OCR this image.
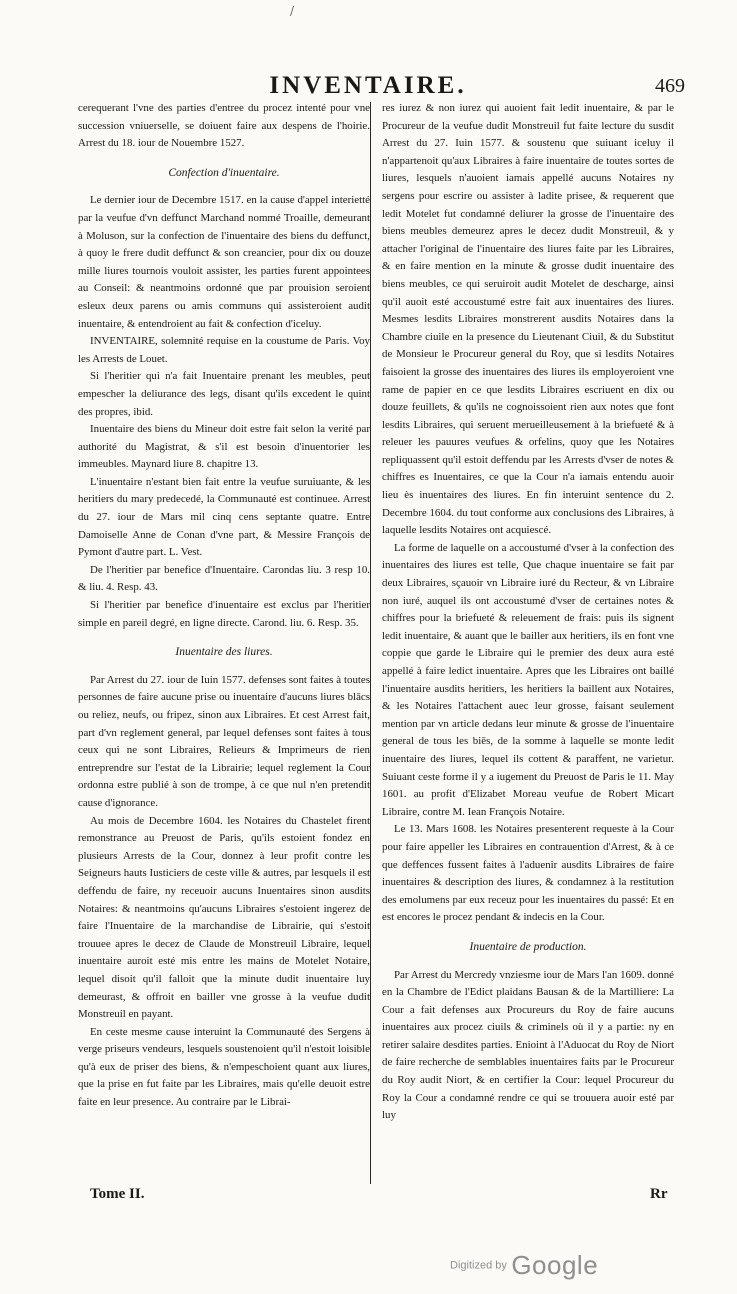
/
INVENTAIRE.	469

cerequerant l'vne des parties d'entree du procez intenté pour vne succession vniuerselle, se doiuent faire aux despens de l'hoirie. Arrest du 18. iour de Nouembre 1527.

Confection d'inuentaire.

Le dernier iour de Decembre 1517. en la cause d'appel interietté par la veufue d'vn deffunct Marchand nommé Troaille, demeurant à Moluson, sur la confection de l'inuentaire des biens du deffunct, à quoy le frere dudit deffunct & son creancier, pour dix ou douze mille liures tournois vouloit assister, les parties furent appointees au Conseil: & neantmoins ordonné que par prouision seroient esleux deux parens ou amis communs qui assisteroient audit inuentaire, & entendroient au fait & confection d'iceluy.

INVENTAIRE, solemnité requise en la coustume de Paris. Voy les Arrests de Louet.

Si l'heritier qui n'a fait Inuentaire prenant les meubles, peut empescher la deliurance des legs, disant qu'ils excedent le quint des propres, ibid.

Inuentaire des biens du Mineur doit estre fait selon la verité par authorité du Magistrat, & s'il est besoin d'inuentorier les immeubles. Maynard liure 8. chapitre 13.

L'inuentaire n'estant bien fait entre la veufue suruiuante, & les heritiers du mary predecedé, la Communauté est continuee. Arrest du 27. iour de Mars mil cinq cens septante quatre. Entre Damoiselle Anne de Conan d'vne part, & Messire François de Pymont d'autre part. L. Vest.

De l'heritier par benefice d'Inuentaire. Carondas liu. 3 resp 10. & liu. 4. Resp. 43.

Si l'heritier par benefice d'inuentaire est exclus par l'heritier simple en pareil degré, en ligne directe. Carond. liu. 6. Resp. 35.

Inuentaire des liures.

Par Arrest du 27. iour de Iuin 1577. defenses sont faites à toutes personnes de faire aucune prise ou inuentaire d'aucuns liures blācs ou reliez, neufs, ou fripez, sinon aux Libraires. Et cest Arrest fait, part d'vn reglement general, par lequel defenses sont faites à tous ceux qui ne sont Libraires, Relieurs & Imprimeurs de rien entreprendre sur l'estat de la Librairie; lequel reglement la Cour ordonna estre publié à son de trompe, à ce que nul n'en pretendit cause d'ignorance.

Au mois de Decembre 1604. les Notaires du Chastelet firent remonstrance au Preuost de Paris, qu'ils estoient fondez en plusieurs Arrests de la Cour, donnez à leur profit contre les Seigneurs hauts Iusticiers de ceste ville & autres, par lesquels il est deffendu de faire, ny receuoir aucuns Inuentaires sinon ausdits Notaires: & neantmoins qu'aucuns Libraires s'estoient ingerez de faire l'Inuentaire de la marchandise de Librairie, qui s'estoit trouuee apres le decez de Claude de Monstreuil Libraire, lequel inuentaire auroit esté mis entre les mains de Motelet Notaire, lequel disoit qu'il falloit que la minute dudit inuentaire luy demeurast, & offroit en bailler vne grosse à la veufue dudit Monstreuil en payant.

En ceste mesme cause interuint la Communauté des Sergens à verge priseurs vendeurs, lesquels soustenoient qu'il n'estoit loisible qu'à eux de priser des biens, & n'empeschoient quant aux liures, que la prise en fut faite par les Libraires, mais qu'elle deuoit estre faite en leur presence. Au contraire par le Librai-

res iurez & non iurez qui auoient fait ledit inuentaire, & par le Procureur de la veufue dudit Monstreuil fut faite lecture du susdit Arrest du 27. Iuin 1577. & soustenu que suiuant iceluy il n'appartenoit qu'aux Libraires à faire inuentaire de toutes sortes de liures, lesquels n'auoient iamais appellé aucuns Notaires ny sergens pour escrire ou assister à ladite prisee, & requerent que ledit Motelet fut condamné deliurer la grosse de l'inuentaire des biens meubles demeurez apres le decez dudit Monstreuil, & y attacher l'original de l'inuentaire des liures faite par les Libraires, & en faire mention en la minute & grosse dudit inuentaire des biens meubles, ce qui seruiroit audit Motelet de descharge, ainsi qu'il auoit esté accoustumé estre fait aux inuentaires des liures. Mesmes lesdits Libraires monstrerent ausdits Notaires dans la Chambre ciuile en la presence du Lieutenant Ciuil, & du Substitut de Monsieur le Procureur general du Roy, que si lesdits Notaires faisoient la grosse des inuentaires des liures ils employeroient vne rame de papier en ce que lesdits Libraires escriuent en dix ou douze feuillets, & qu'ils ne cognoissoient rien aux notes que font lesdits Libraires, qui seruent merueilleusement à la briefueté & à releuer les pauures veufues & orfelins, quoy que les Notaires repliquassent qu'il estoit deffendu par les Arrests d'vser de notes & chiffres es Inuentaires, ce que la Cour n'a iamais entendu auoir lieu ès inuentaires des liures. En fin interuint sentence du 2. Decembre 1604. du tout conforme aux conclusions des Libraires, à laquelle lesdits Notaires ont acquiescé.

La forme de laquelle on a accoustumé d'vser à la confection des inuentaires des liures est telle, Que chaque inuentaire se fait par deux Libraires, sçauoir vn Libraire iuré du Recteur, & vn Libraire non iuré, auquel ils ont accoustumé d'vser de certaines notes & chiffres pour la briefueté & releuement de frais: puis ils signent ledit inuentaire, & auant que le bailler aux heritiers, ils en font vne coppie que garde le Libraire qui le premier des deux aura esté appellé à faire ledict inuentaire. Apres que les Libraires ont baillé l'inuentaire ausdits heritiers, les heritiers la baillent aux Notaires, & les Notaires l'attachent auec leur grosse, faisant seulement mention par vn article dedans leur minute & grosse de l'inuentaire general de tous les biēs, de la somme à laquelle se monte ledit inuentaire des liures, lequel ils cottent & paraffent, ne varietur. Suiuant ceste forme il y a iugement du Preuost de Paris le 11. May 1601. au profit d'Elizabet Moreau veufue de Robert Micart Libraire, contre M. Iean François Notaire.

Le 13. Mars 1608. les Notaires presenterent requeste à la Cour pour faire appeller les Libraires en contrauention d'Arrest, & à ce que deffences fussent faites à l'aduenir ausdits Libraires de faire inuentaires & description des liures, & condamnez à la restitution des emolumens par eux receuz pour les inuentaires du passé: Et en est encores le procez pendant & indecis en la Cour.

Inuentaire de production.

Par Arrest du Mercredy vnziesme iour de Mars l'an 1609. donné en la Chambre de l'Edict plaidans Bausan & de la Martilliere: La Cour a fait defenses aux Procureurs du Roy de faire aucuns inuentaires aux procez ciuils & criminels où il y a partie: ny en retirer salaire desdites parties. Enioint à l'Aduocat du Roy de Niort de faire recherche de semblables inuentaires faits par le Procureur du Roy audit Niort, & en certifier la Cour: lequel Procureur du Roy la Cour a condamné rendre ce qui se trouuera auoir esté par luy

Tome II.	Rr
Digitized by Google
